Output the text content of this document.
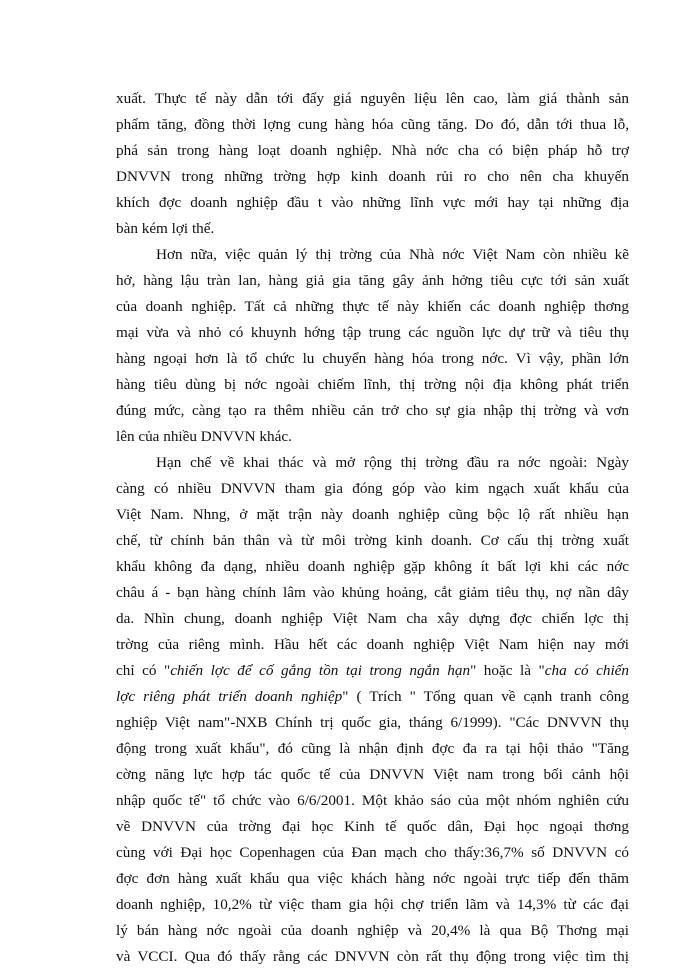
xuất. Thực tế này dẫn tới đẩy giá nguyên liệu lên cao, làm giá thành sản
phẩm tăng, đồng thời lợng cung hàng hóa cũng tăng. Do đó, dẫn tới thua lỗ,
phá sản trong hàng loạt doanh nghiệp. Nhà nớc cha có biện pháp hỗ trợ
DNVVN trong những trờng hợp kinh doanh rủi ro cho nên cha khuyến
khích đợc doanh nghiệp đầu t vào những lĩnh vực mới hay tại những địa
bàn kém lợi thế.

Hơn nữa, việc quản lý thị trờng của Nhà nớc Việt Nam còn nhiều kẽ
hở, hàng lậu tràn lan, hàng giả gia tăng gây ảnh hởng tiêu cực tới sản xuất
của doanh nghiệp. Tất cả những thực tế này khiến các doanh nghiệp thơng
mại vừa và nhỏ có khuynh hớng tập trung các nguồn lực dự trữ và tiêu thụ
hàng ngoại hơn là tổ chức lu chuyển hàng hóa trong nớc. Vì vậy, phần lớn
hàng tiêu dùng bị nớc ngoài chiếm lĩnh, thị trờng nội địa không phát triển
đúng mức, càng tạo ra thêm nhiều cản trở cho sự gia nhập thị trờng và vơn
lên của nhiều DNVVN khác.

Hạn chế về khai thác và mở rộng thị trờng đầu ra nớc ngoài: Ngày
càng có nhiều DNVVN tham gia đóng góp vào kim ngạch xuất khẩu của
Việt Nam. Nhng, ở mặt trận này doanh nghiệp cũng bộc lộ rất nhiều hạn
chế, từ chính bản thân và từ môi trờng kinh doanh. Cơ cấu thị trờng xuất
khẩu không đa dạng, nhiều doanh nghiệp gặp không ít bất lợi khi các nớc
châu á - bạn hàng chính lâm vào khủng hoảng, cắt giảm tiêu thụ, nợ nần dây
da. Nhìn chung, doanh nghiệp Việt Nam cha xây dựng đợc chiến lợc thị
trờng của riêng mình. Hầu hết các doanh nghiệp Việt Nam hiện nay mới
chỉ có "chiến lợc để cố gắng tồn tại trong ngắn hạn" hoặc là "cha có chiến
lợc riêng phát triển doanh nghiệp" ( Trích " Tổng quan về cạnh tranh công
nghiệp Việt nam"-NXB Chính trị quốc gia, tháng 6/1999). "Các DNVVN thụ
động trong xuất khẩu", đó cũng là nhận định đợc đa ra tại hội thảo "Tăng
cờng năng lực hợp tác quốc tế của DNVVN Việt nam trong bối cảnh hội
nhập quốc tế" tổ chức vào 6/6/2001. Một khảo sáo của một nhóm nghiên cứu
về DNVVN của trờng đại học Kinh tế quốc dân, Đại học ngoại thơng
cùng với Đại học Copenhagen của Đan mạch cho thấy:36,7% số DNVVN có
đợc đơn hàng xuất khẩu qua việc khách hàng nớc ngoài trực tiếp đến thăm
doanh nghiệp, 10,2% từ việc tham gia hội chợ triển lãm và 14,3% từ các đại
lý bán hàng nớc ngoài của doanh nghiệp và 20,4% là qua Bộ Thơng mại
và VCCI. Qua đó thấy rằng các DNVVN còn rất thụ động trong việc tìm thị
